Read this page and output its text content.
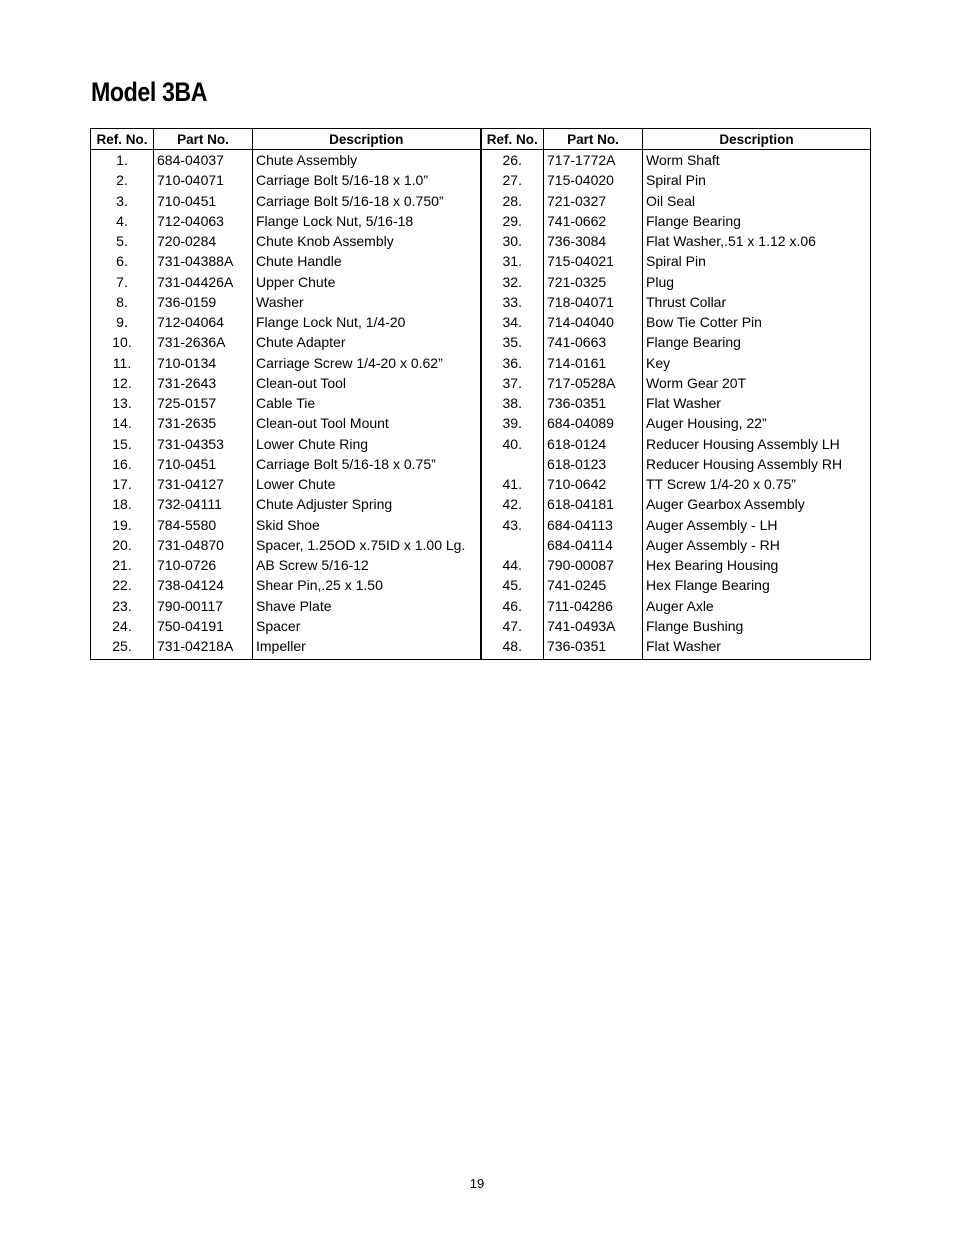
Model 3BA
Ref. No.	Part No.	Description	Ref. No.	Part No.	Description
1.	684-04037	Chute Assembly	26.	717-1772A	Worm Shaft
2.	710-04071	Carriage Bolt 5/16-18 x 1.0”	27.	715-04020	Spiral Pin
3.	710-0451	Carriage Bolt 5/16-18 x 0.750”	28.	721-0327	Oil Seal
4.	712-04063	Flange Lock Nut, 5/16-18	29.	741-0662	Flange Bearing
5.	720-0284	Chute Knob Assembly	30.	736-3084	Flat Washer,.51 x 1.12 x.06
6.	731-04388A	Chute Handle	31.	715-04021	Spiral Pin
7.	731-04426A	Upper Chute	32.	721-0325	Plug
8.	736-0159	Washer	33.	718-04071	Thrust Collar
9.	712-04064	Flange Lock Nut, 1/4-20	34.	714-04040	Bow Tie Cotter Pin
10.	731-2636A	Chute Adapter	35.	741-0663	Flange Bearing
11.	710-0134	Carriage Screw 1/4-20 x 0.62”	36.	714-0161	Key
12.	731-2643	Clean-out Tool	37.	717-0528A	Worm Gear 20T
13.	725-0157	Cable Tie	38.	736-0351	Flat Washer
14.	731-2635	Clean-out Tool Mount	39.	684-04089	Auger Housing, 22”
15.	731-04353	Lower Chute Ring	40.	618-0124	Reducer Housing Assembly LH
16.	710-0451	Carriage Bolt 5/16-18 x 0.75”		618-0123	Reducer Housing Assembly RH
17.	731-04127	Lower Chute	41.	710-0642	TT Screw 1/4-20 x 0.75”
18.	732-04111	Chute Adjuster Spring	42.	618-04181	Auger Gearbox Assembly
19.	784-5580	Skid Shoe	43.	684-04113	Auger Assembly - LH
20.	731-04870	Spacer, 1.25OD x.75ID x 1.00 Lg.		684-04114	Auger Assembly - RH
21.	710-0726	AB Screw 5/16-12	44.	790-00087	Hex Bearing Housing
22.	738-04124	Shear Pin,.25 x 1.50	45.	741-0245	Hex Flange Bearing
23.	790-00117	Shave Plate	46.	711-04286	Auger Axle
24.	750-04191	Spacer	47.	741-0493A	Flange Bushing
25.	731-04218A	Impeller	48.	736-0351	Flat Washer
19
